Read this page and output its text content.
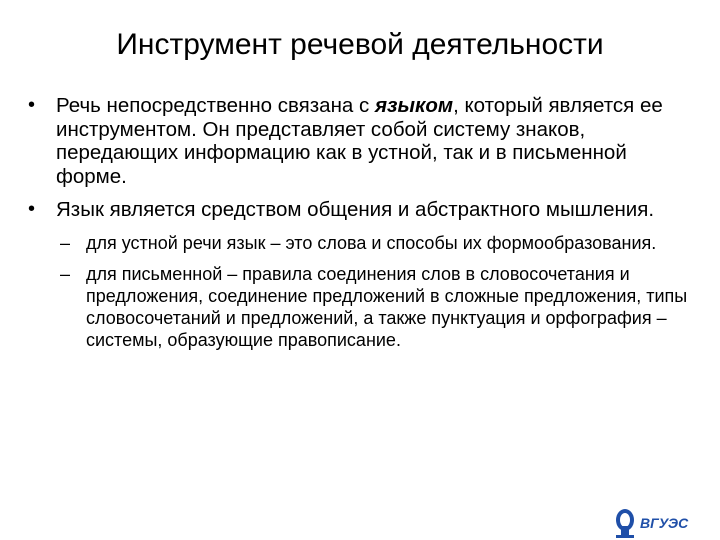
Инструмент речевой деятельности
• Речь непосредственно связана с языком, который является ее инструментом. Он представляет собой систему знаков, передающих информацию как в устной, так и в письменной форме.
• Язык является средством общения и абстрактного мышления.
– для устной речи язык – это слова и способы их формообразования.
– для письменной – правила соединения слов в словосочетания и предложения, соединение предложений в сложные предложения, типы словосочетаний и предложений, а также пунктуация и орфография – системы, образующие правописание.
ВГУЭС
